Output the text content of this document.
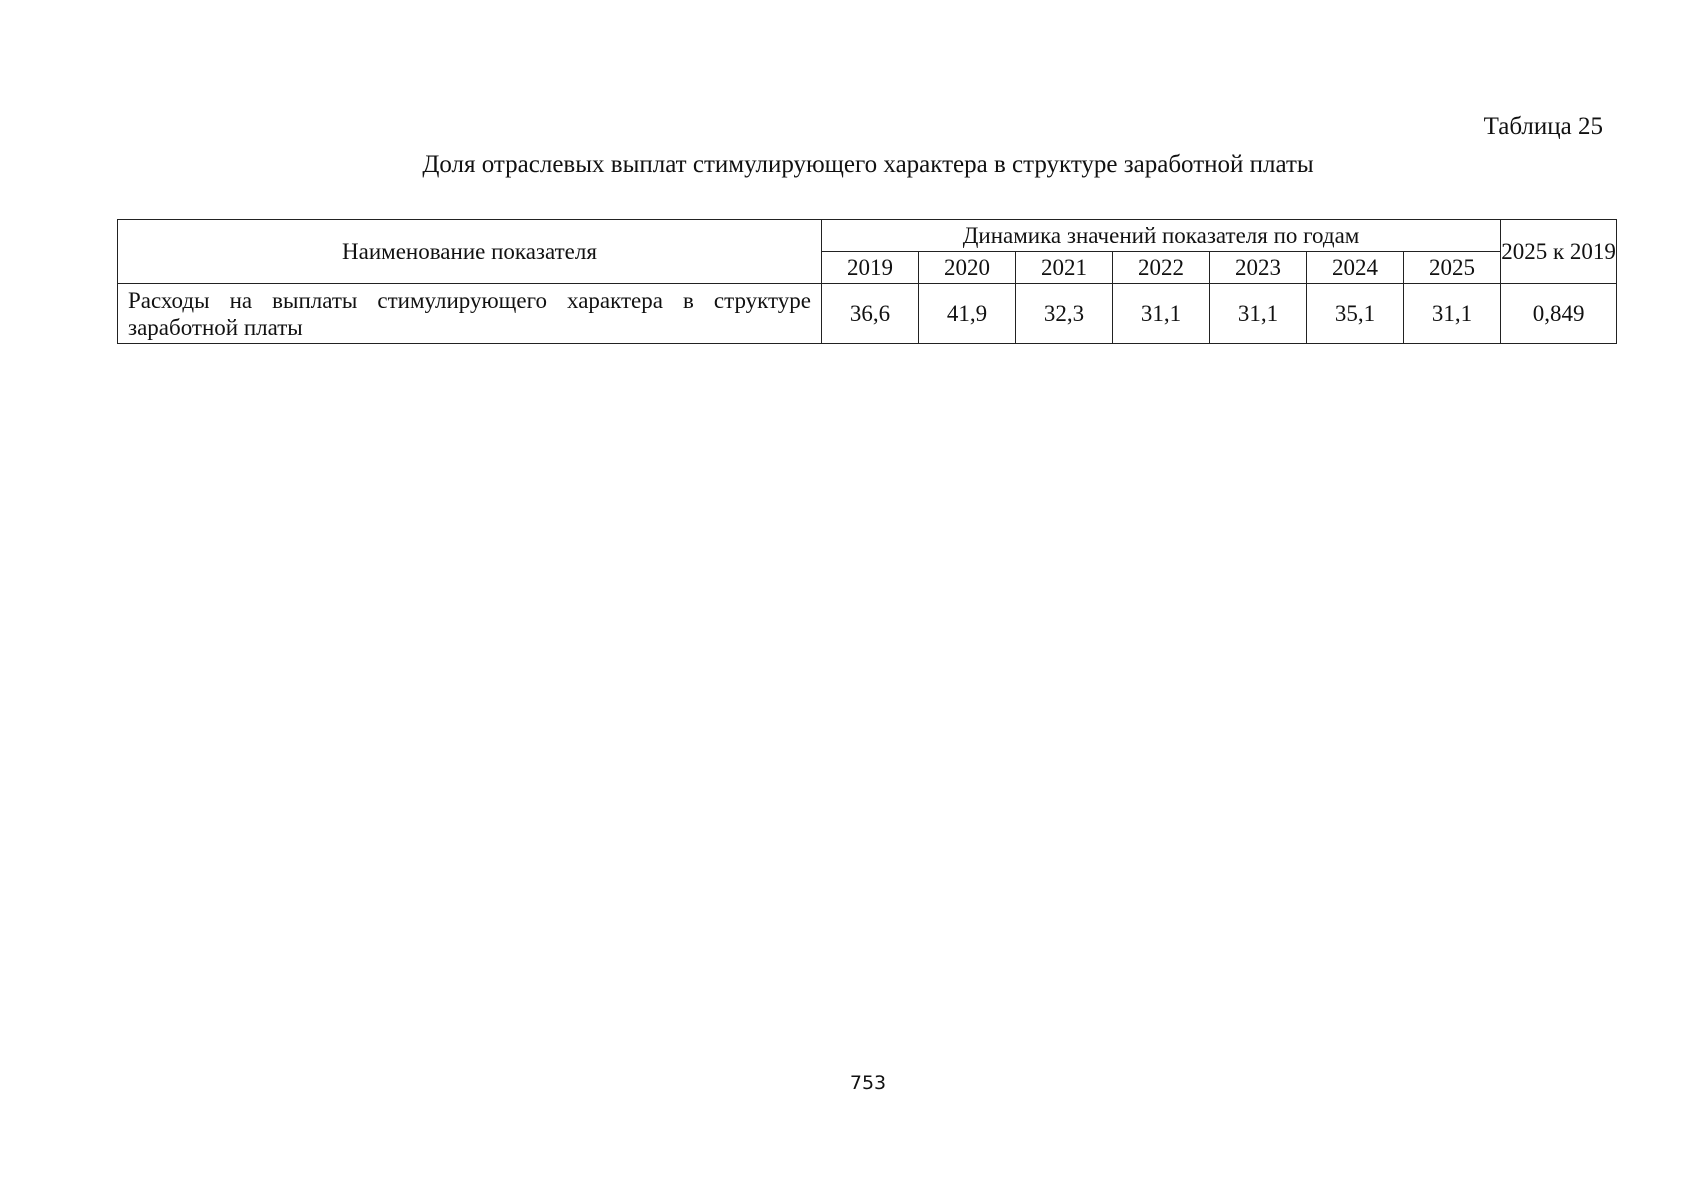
Таблица 25
Доля отраслевых выплат стимулирующего характера в структуре заработной платы
Наименование показателя	Динамика значений показателя по годам							2025 к 2019
	2019	2020	2021	2022	2023	2024	2025	
Расходы на выплаты стимулирующего характера в структуре заработной платы	36,6	41,9	32,3	31,1	31,1	35,1	31,1	0,849
753
